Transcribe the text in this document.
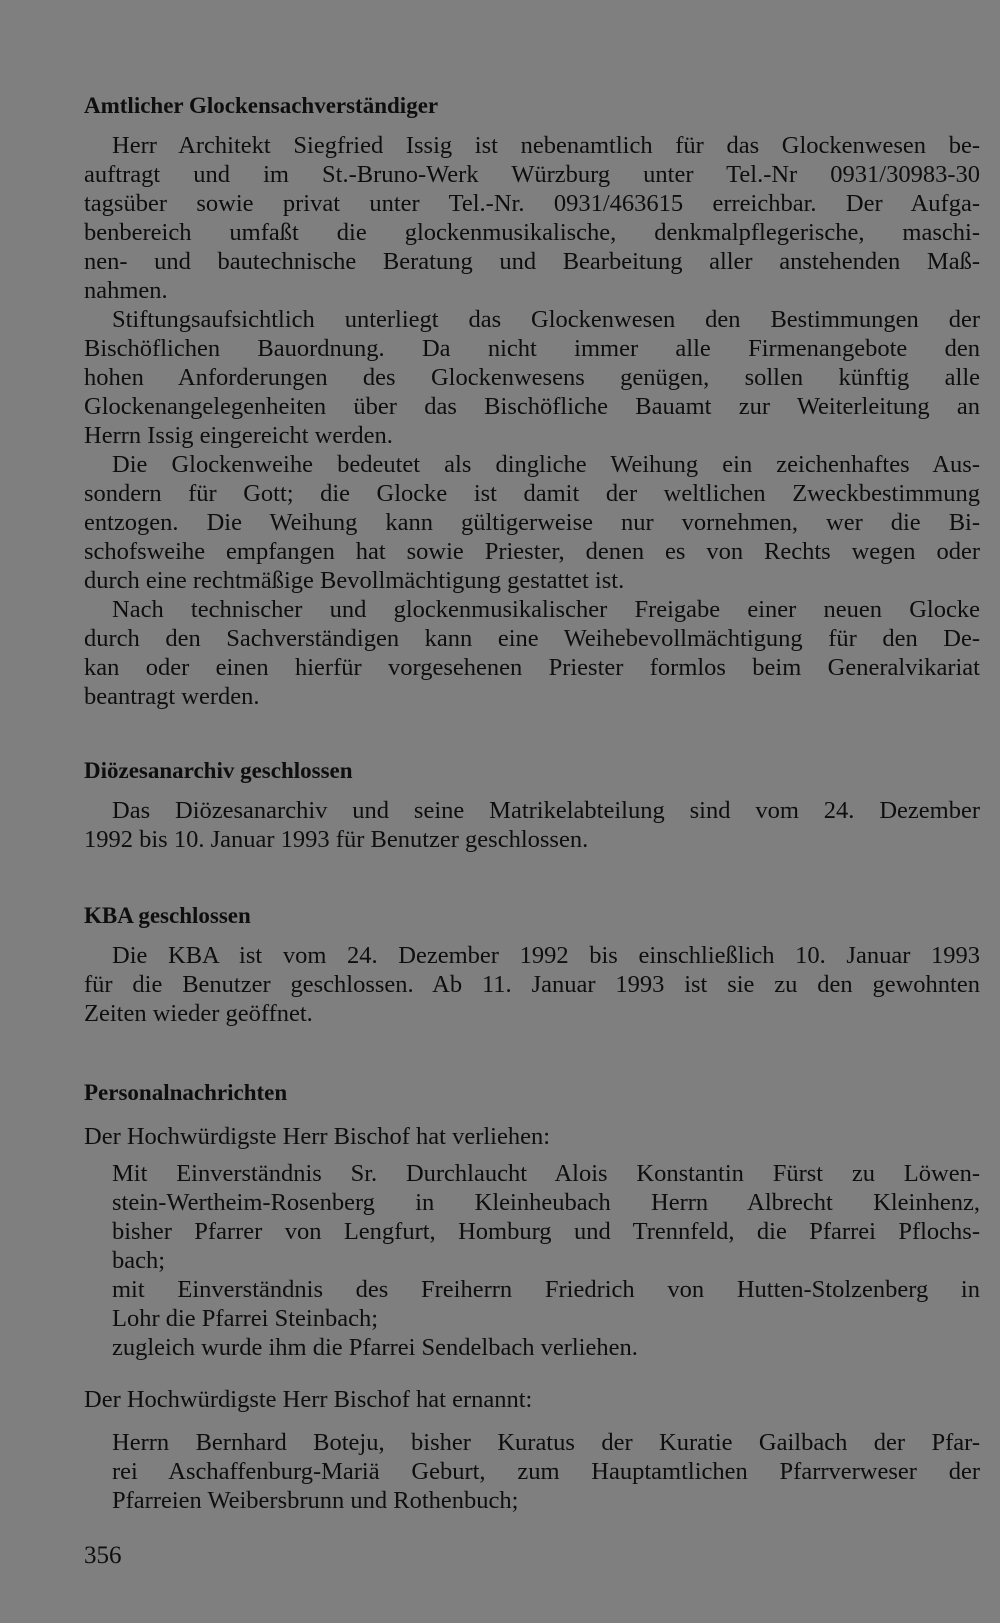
Amtlicher Glockensachverständiger
Herr Architekt Siegfried Issig ist nebenamtlich für das Glockenwesen be-
auftragt und im St.-Bruno-Werk Würzburg unter Tel.-Nr 0931/30983-30
tagsüber sowie privat unter Tel.-Nr. 0931/463615 erreichbar. Der Aufga-
benbereich umfaßt die glockenmusikalische, denkmalpflegerische, maschi-
nen- und bautechnische Beratung und Bearbeitung aller anstehenden Maß-
nahmen.
Stiftungsaufsichtlich unterliegt das Glockenwesen den Bestimmungen der
Bischöflichen Bauordnung. Da nicht immer alle Firmenangebote den
hohen Anforderungen des Glockenwesens genügen, sollen künftig alle
Glockenangelegenheiten über das Bischöfliche Bauamt zur Weiterleitung an
Herrn Issig eingereicht werden.
Die Glockenweihe bedeutet als dingliche Weihung ein zeichenhaftes Aus-
sondern für Gott; die Glocke ist damit der weltlichen Zweckbestimmung
entzogen. Die Weihung kann gültigerweise nur vornehmen, wer die Bi-
schofsweihe empfangen hat sowie Priester, denen es von Rechts wegen oder
durch eine rechtmäßige Bevollmächtigung gestattet ist.
Nach technischer und glockenmusikalischer Freigabe einer neuen Glocke
durch den Sachverständigen kann eine Weihebevollmächtigung für den De-
kan oder einen hierfür vorgesehenen Priester formlos beim Generalvikariat
beantragt werden.
Diözesanarchiv geschlossen
Das Diözesanarchiv und seine Matrikelabteilung sind vom 24. Dezember
1992 bis 10. Januar 1993 für Benutzer geschlossen.
KBA geschlossen
Die KBA ist vom 24. Dezember 1992 bis einschließlich 10. Januar 1993
für die Benutzer geschlossen. Ab 11. Januar 1993 ist sie zu den gewohnten
Zeiten wieder geöffnet.
Personalnachrichten
Der Hochwürdigste Herr Bischof hat verliehen:
Mit Einverständnis Sr. Durchlaucht Alois Konstantin Fürst zu Löwen-
stein-Wertheim-Rosenberg in Kleinheubach Herrn Albrecht Kleinhenz,
bisher Pfarrer von Lengfurt, Homburg und Trennfeld, die Pfarrei Pflochs-
bach;
mit Einverständnis des Freiherrn Friedrich von Hutten-Stolzenberg in
Lohr die Pfarrei Steinbach;
zugleich wurde ihm die Pfarrei Sendelbach verliehen.
Der Hochwürdigste Herr Bischof hat ernannt:
Herrn Bernhard Boteju, bisher Kuratus der Kuratie Gailbach der Pfar-
rei Aschaffenburg-Mariä Geburt, zum Hauptamtlichen Pfarrverweser der
Pfarreien Weibersbrunn und Rothenbuch;
356
